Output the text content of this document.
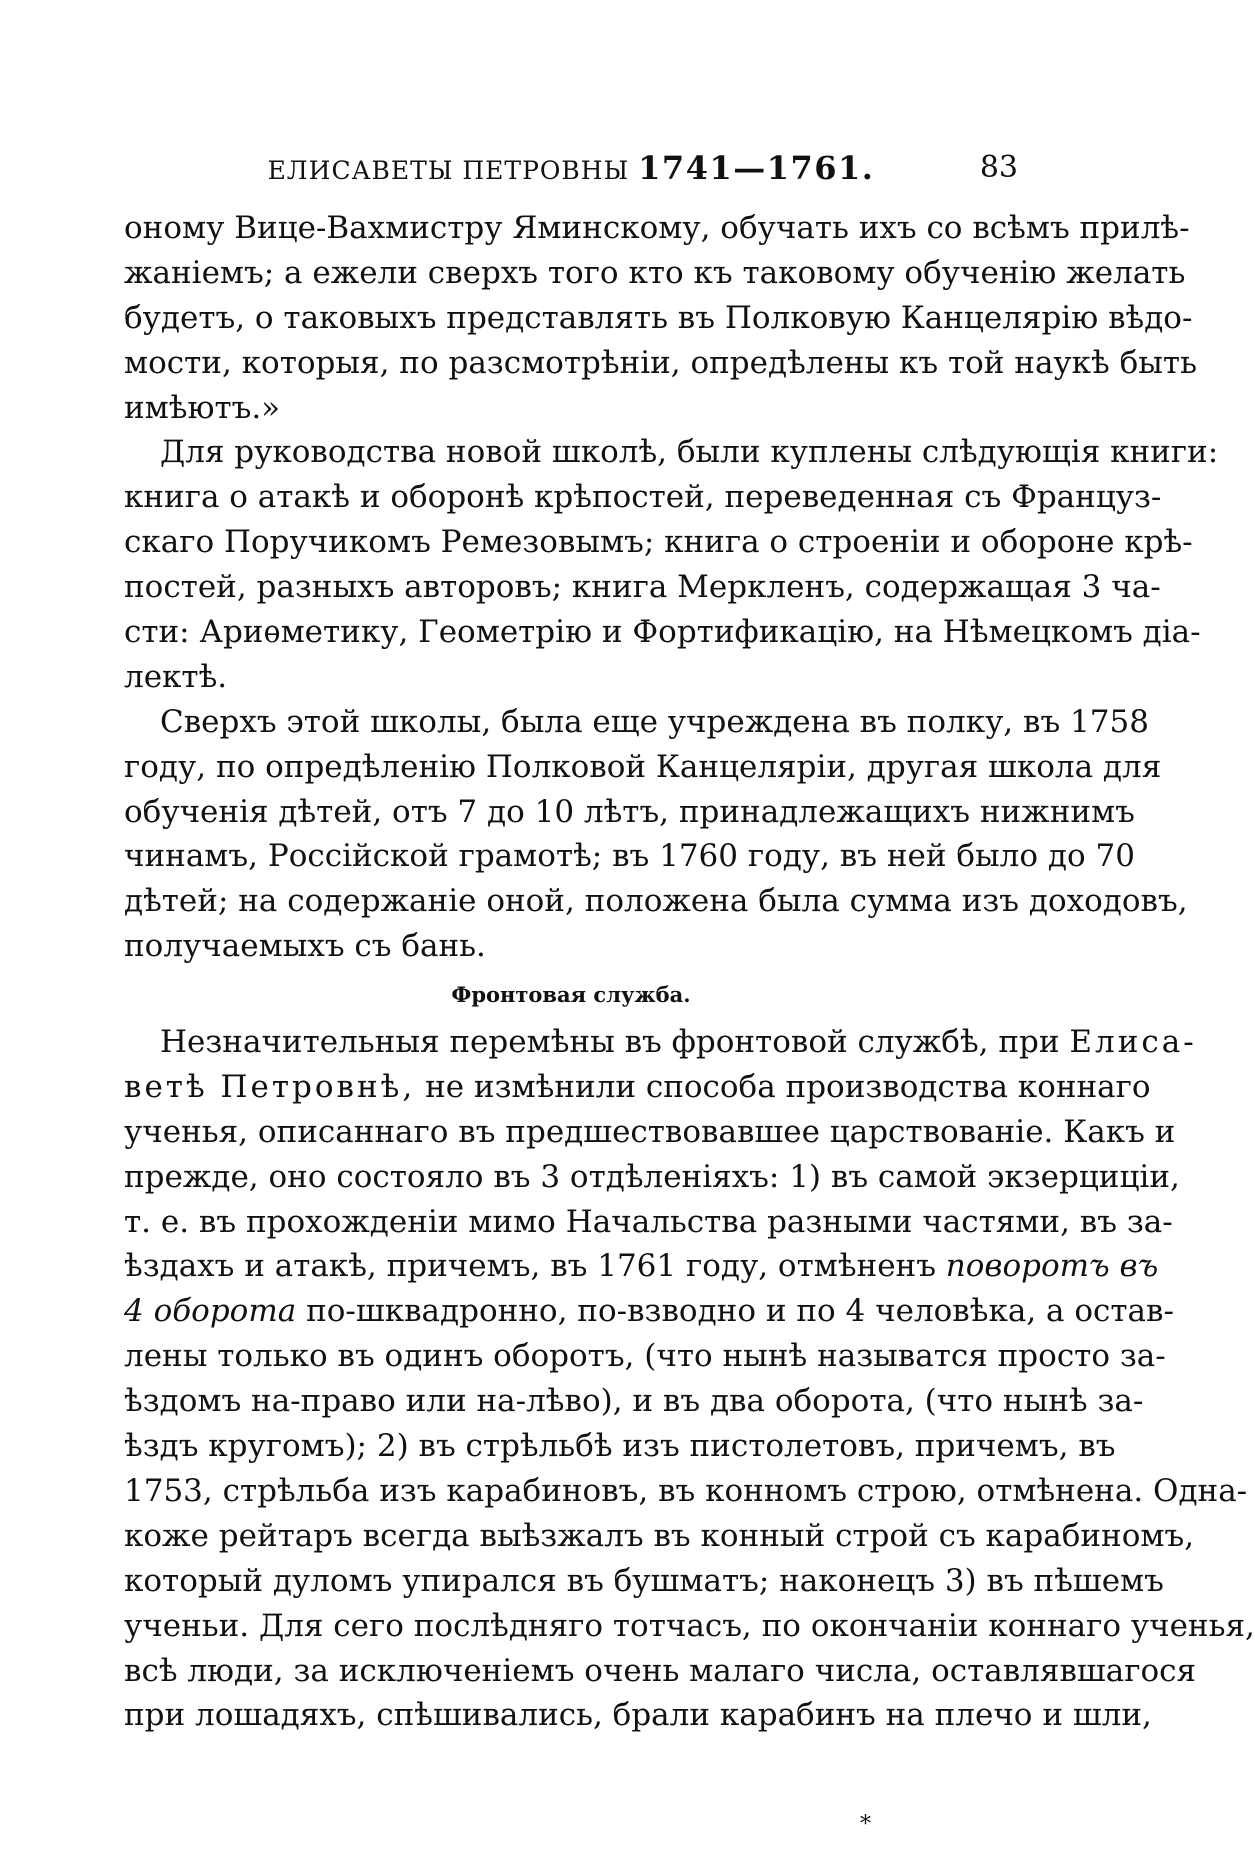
ЕЛИСАВЕТЫ ПЕТРОВНЫ 1741—1761.	83
оному Вице-Вахмистру Яминскому, обучать ихъ со всѣмъ прилѣ-
жаніемъ; а ежели сверхъ того кто къ таковому обученію желать
будетъ, о таковыхъ представлять въ Полковую Канцелярію вѣдо-
мости, которыя, по разсмотрѣніи, опредѣлены къ той наукѣ быть
имѣютъ.»
Для руководства новой школѣ, были куплены слѣдующія книги:
книга о атакѣ и оборонѣ крѣпостей, переведенная съ Француз-
скаго Поручикомъ Ремезовымъ; книга о строеніи и обороне крѣ-
постей, разныхъ авторовъ; книга Меркленъ, содержащая 3 ча-
сти: Ариѳметику, Геометрію и Фортификацію, на Нѣмецкомъ діа-
лектѣ.
Сверхъ этой школы, была еще учреждена въ полку, въ 1758
году, по опредѣленію Полковой Канцеляріи, другая школа для
обученія дѣтей, отъ 7 до 10 лѣтъ, принадлежащихъ нижнимъ
чинамъ, Россійской грамотѣ; въ 1760 году, въ ней было до 70
дѣтей; на содержаніе оной, положена была сумма изъ доходовъ,
получаемыхъ съ бань.
Фронтовая служба.
Незначительныя перемѣны въ фронтовой службѣ, при Елиса-
ветѣ Петровнѣ, не измѣнили способа производства коннаго
ученья, описаннаго въ предшествовавшее царствованіе. Какъ и
прежде, оно состояло въ 3 отдѣленіяхъ: 1) въ самой экзерциціи,
т. е. въ прохожденіи мимо Начальства разными частями, въ за-
ѣздахъ и атакѣ, причемъ, въ 1761 году, отмѣненъ поворотъ въ
4 оборота по-шквадронно, по-взводно и по 4 человѣка, а остав-
лены только въ одинъ оборотъ, (что нынѣ называтся просто за-
ѣздомъ на-право или на-лѣво), и въ два оборота, (что нынѣ за-
ѣздъ кругомъ); 2) въ стрѣльбѣ изъ пистолетовъ, причемъ, въ
1753, стрѣльба изъ карабиновъ, въ конномъ строю, отмѣнена. Одна-
коже рейтаръ всегда выѣзжалъ въ конный строй съ карабиномъ,
который дуломъ упирался въ бушматъ; наконецъ 3) въ пѣшемъ
ученьи. Для сего послѣдняго тотчасъ, по окончаніи коннаго ученья,
всѣ люди, за исключеніемъ очень малаго числа, оставлявшагося
при лошадяхъ, спѣшивались, брали карабинъ на плечо и шли,
*
